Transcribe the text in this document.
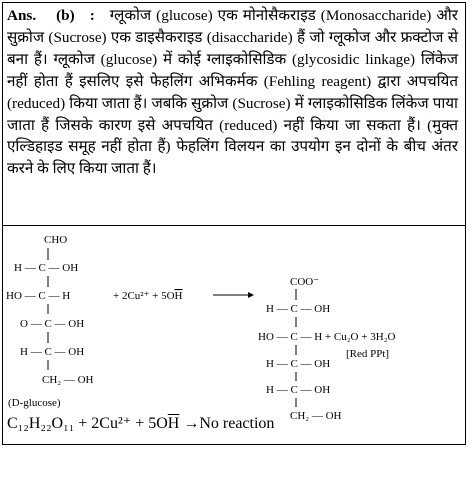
Ans. (b) : ग्लूकोज (glucose) एक मोनोसैकराइड (Monosaccharide) और सुक्रोज (Sucrose) एक डाइसैकराइड (disaccharide) हैं जो ग्लूकोज और फ्रक्टोज से बना हैं। ग्लूकोज (glucose) में कोई ग्लाइकोसिडिक (glycosidic linkage) लिंकेज नहीं होता हैं इसलिए इसे फेहलिंग अभिकर्मक (Fehling reagent) द्वारा अपचयित (reduced) किया जाता हैं। जबकि सुक्रोज (Sucrose) में ग्लाइकोसिडिक लिंकेज पाया जाता हैं जिसके कारण इसे अपचयित (reduced) नहीं किया जा सकता हैं। (मुक्त एल्डिहाइड समूह नहीं होता हैं) फेहलिंग विलयन का उपयोग इन दोनों के बीच अंतर करने के लिए किया जाता हैं।
CHO
H — C — OH
HO — C — H
O — C — OH
H — C — OH
CH₂ — OH
(D-glucose)
+ 2Cu²⁺ + 5OH
COO⁻
H — C — OH
HO — C — H + Cu₂O + 3H₂O
[Red PPt]
H — C — OH
H — C — OH
CH₂ — OH
$C_{12}H_{22}O_{11} + 2Cu^{2+} + 5O\overline{H} \to No$ reaction
